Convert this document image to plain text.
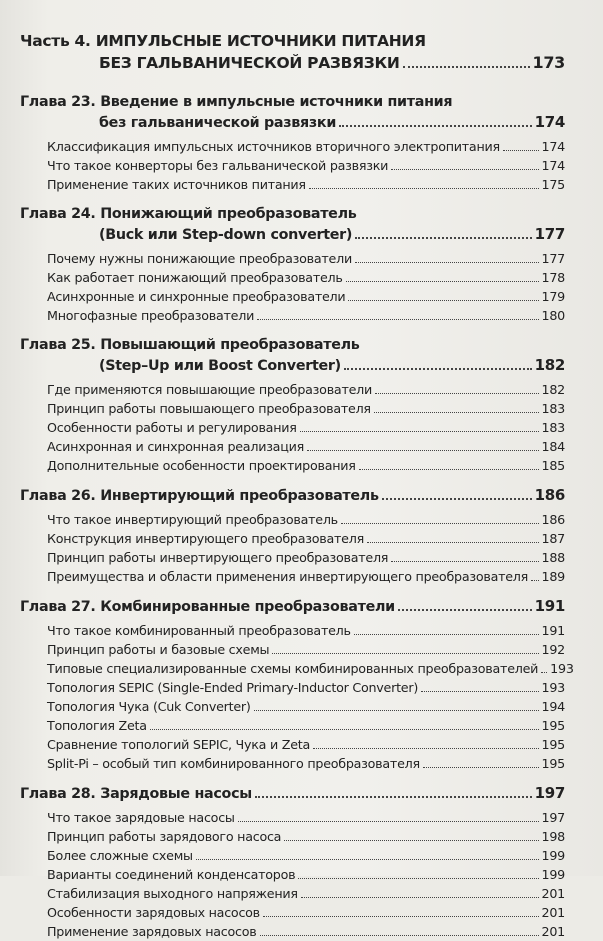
Часть 4. ИМПУЛЬСНЫЕ ИСТОЧНИКИ ПИТАНИЯ
БЕЗ ГАЛЬВАНИЧЕСКОЙ РАЗВЯЗКИ	173
Глава 23. Введение в импульсные источники питания
без гальванической развязки	174
Классификация импульсных источников вторичного электропитания	174
Что такое конверторы без гальванической развязки	174
Применение таких источников питания	175
Глава 24. Понижающий преобразователь
(Buck или Step-down converter)	177
Почему нужны понижающие преобразователи	177
Как работает понижающий преобразователь	178
Асинхронные и синхронные преобразователи	179
Многофазные преобразователи	180
Глава 25. Повышающий преобразователь
(Step–Up или Boost Converter)	182
Где применяются повышающие преобразователи	182
Принцип работы повышающего преобразователя	183
Особенности работы и регулирования	183
Асинхронная и синхронная реализация	184
Дополнительные особенности проектирования	185
Глава 26. Инвертирующий преобразователь	186
Что такое инвертирующий преобразователь	186
Конструкция инвертирующего преобразователя	187
Принцип работы инвертирующего преобразователя	188
Преимущества и области применения инвертирующего преобразователя 189
Глава 27. Комбинированные преобразователи	191
Что такое комбинированный преобразователь	191
Принцип работы и базовые схемы	192
Типовые специализированные схемы комбинированных преобразователей 193
Топология SEPIC (Single-Ended Primary-Inductor Converter)	193
Топология Чука (Cuk Converter)	194
Топология Zeta	195
Сравнение топологий SEPIC, Чука и Zeta	195
Split-Pi – особый тип комбинированного преобразователя	195
Глава 28. Зарядовые насосы	197
Что такое зарядовые насосы	197
Принцип работы зарядового насоса	198
Более сложные схемы	199
Варианты соединений конденсаторов	199
Стабилизация выходного напряжения	201
Особенности зарядовых насосов	201
Применение зарядовых насосов	201
